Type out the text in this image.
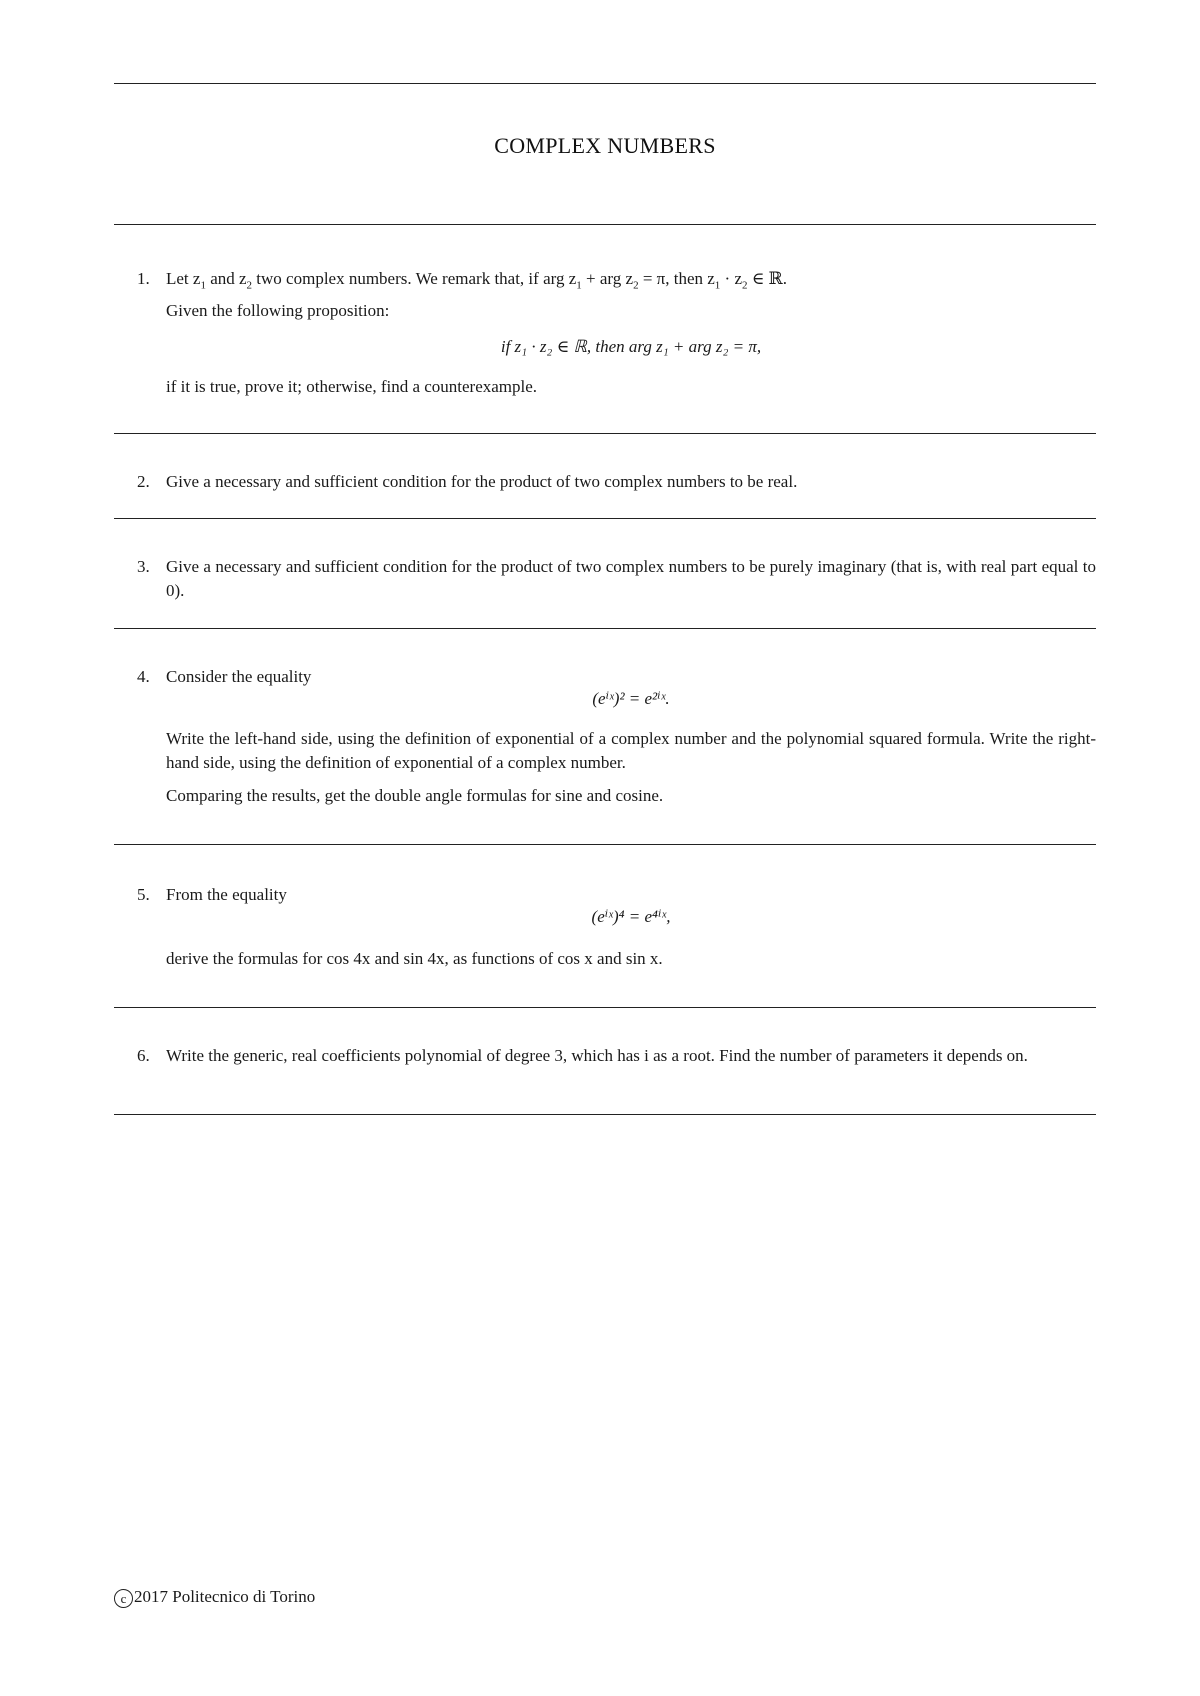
COMPLEX NUMBERS
1. Let $z_1$ and $z_2$ two complex numbers. We remark that, if arg $z_1$ + arg $z_2 = \pi$, then $z_1 \cdot z_2$ ∈ ℝ.

Given the following proposition:

if z₁ · z₂ ∈ ℝ, then arg z₁ + arg z₂ = π,

if it is true, prove it; otherwise, find a counterexample.

2. Give a necessary and sufficient condition for the product of two complex numbers to be real.

3. Give a necessary and sufficient condition for the product of two complex numbers to be purely imaginary (that is, with real part equal to 0).

4. Consider the equality

(eⁱˣ)² = e²ⁱˣ.

Write the left-hand side, using the definition of exponential of a complex number and the polynomial squared formula. Write the right-hand side, using the definition of exponential of a complex number.

Comparing the results, get the double angle formulas for sine and cosine.

5. From the equality

(eⁱˣ)⁴ = e⁴ⁱˣ,

derive the formulas for cos 4x and sin 4x, as functions of cos x and sin x.

6. Write the generic, real coefficients polynomial of degree 3, which has i as a root. Find the number of parameters it depends on.

c 2017 Politecnico di Torino
